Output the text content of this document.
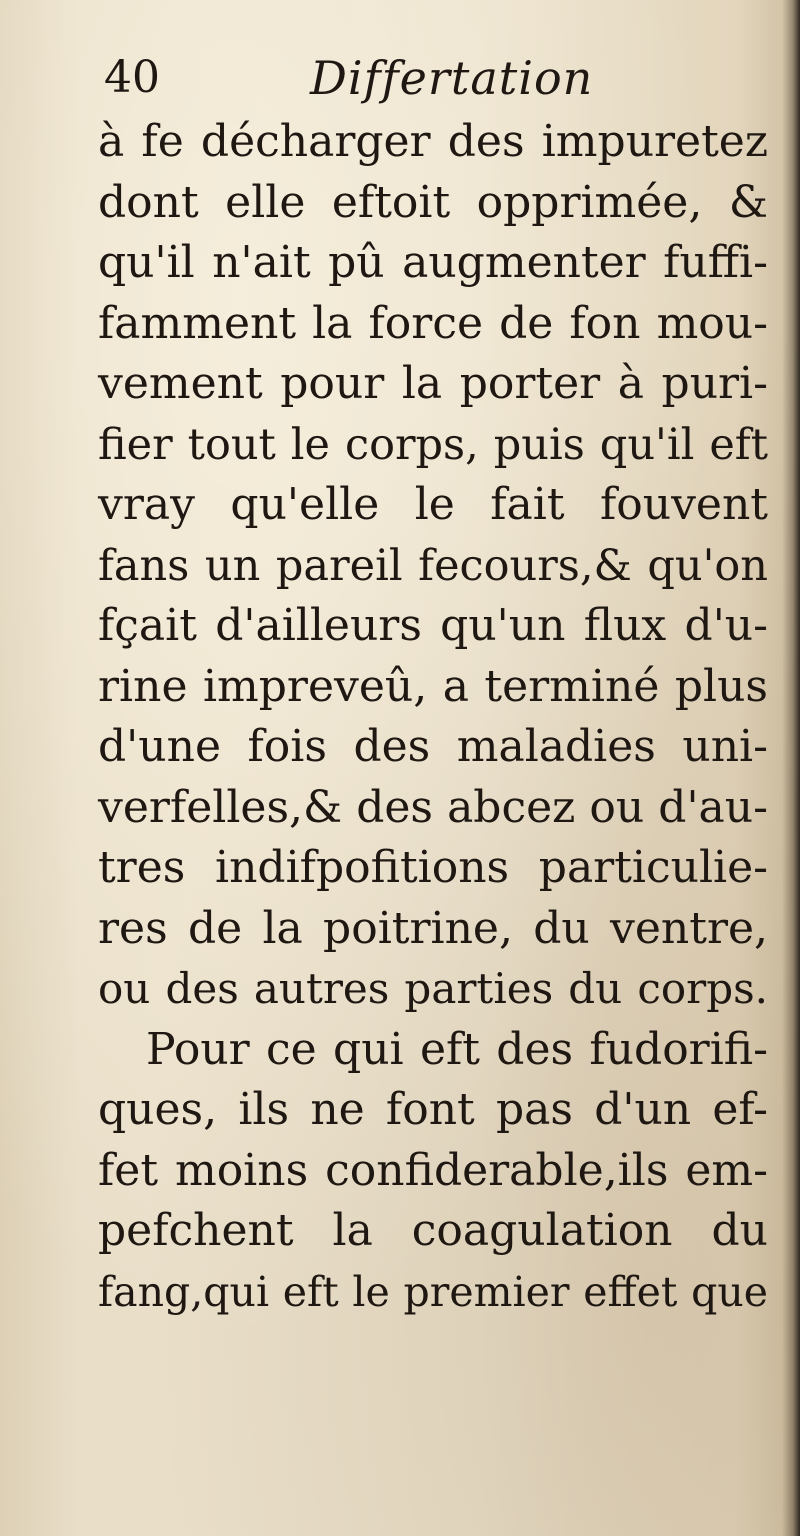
40	Differtation
à fe décharger des impuretez
dont elle eftoit opprimée, &
qu'il n'ait pû augmenter fuffi-
famment la force de fon mou-
vement pour la porter à puri-
fier tout le corps, puis qu'il eft
vray qu'elle le fait fouvent
fans un pareil fecours,& qu'on
fçait d'ailleurs qu'un flux d'u-
rine impreveû, a terminé plus
d'une fois des maladies uni-
verfelles,& des abcez ou d'au-
tres indifpofitions particulie-
res de la poitrine, du ventre,
ou des autres parties du corps.
Pour ce qui eft des fudorifi-
ques, ils ne font pas d'un ef-
fet moins confiderable,ils em-
pefchent la coagulation du
fang,qui eft le premier effet que
